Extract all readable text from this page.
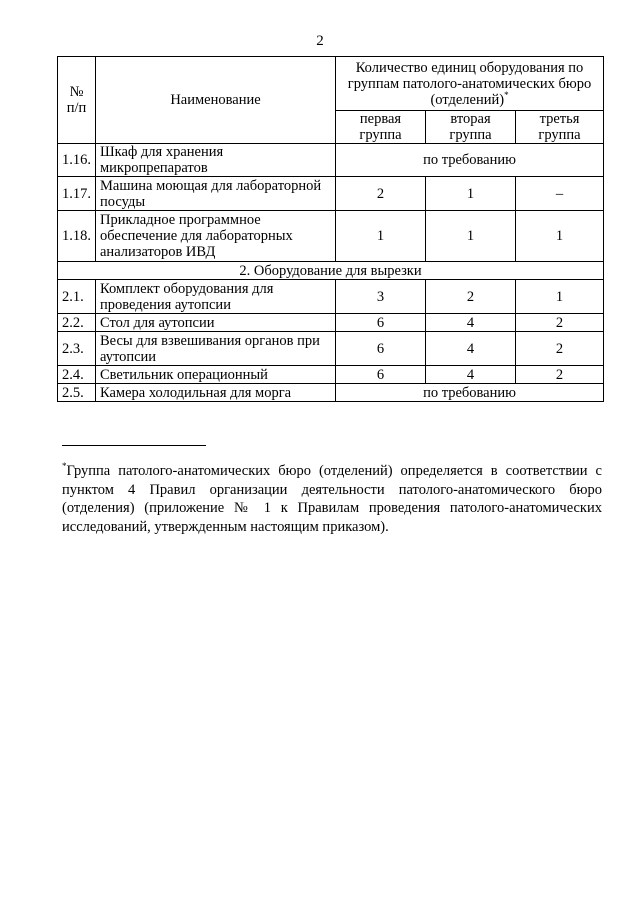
2
№ п/п	Наименование	Количество единиц оборудования по группам патолого-анатомических бюро (отделений)*
		первая группа	вторая группа	третья группа
1.16.	Шкаф для хранения микропрепаратов	по требованию		
1.17.	Машина моющая для лабораторной посуды	2	1	–
1.18.	Прикладное программное обеспечение для лабораторных анализаторов ИВД	1	1	1
2. Оборудование для вырезки				
2.1.	Комплект оборудования для проведения аутопсии	3	2	1
2.2.	Стол для аутопсии	6	4	2
2.3.	Весы для взвешивания органов при аутопсии	6	4	2
2.4.	Светильник операционный	6	4	2
2.5.	Камера холодильная для морга	по требованию		
*Группа патолого-анатомических бюро (отделений) определяется в соответствии с пунктом 4 Правил организации деятельности патолого-анатомического бюро (отделения) (приложение № 1 к Правилам проведения патолого-анатомических исследований, утвержденным настоящим приказом).
